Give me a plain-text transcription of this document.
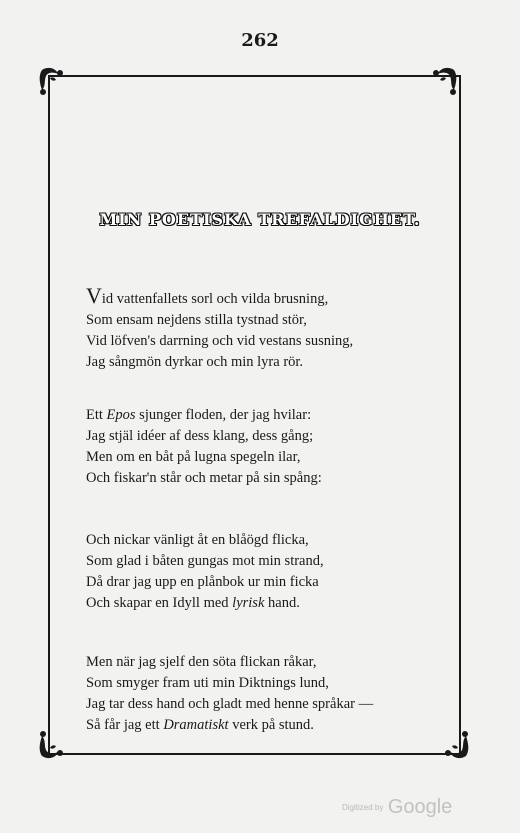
262
MIN POETISKA TREFALDIGHET.
Vid vattenfallets sorl och vilda brusning,
Som ensam nejdens stilla tystnad stör,
Vid löfven's darrning och vid vestans susning,
Jag sångmön dyrkar och min lyra rör.
Ett Epos sjunger floden, der jag hvilar:
Jag stjäl idéer af dess klang, dess gång;
Men om en båt på lugna spegeln ilar,
Och fiskar'n står och metar på sin spång:
Och nickar vänligt åt en blåögd flicka,
Som glad i båten gungas mot min strand,
Då drar jag upp en plånbok ur min ficka
Och skapar en Idyll med lyrisk hand.
Men när jag sjelf den söta flickan råkar,
Som smyger fram uti min Diktnings lund,
Jag tar dess hand och gladt med henne språkar —
Så får jag ett Dramatiskt verk på stund.
Digitized by Google
